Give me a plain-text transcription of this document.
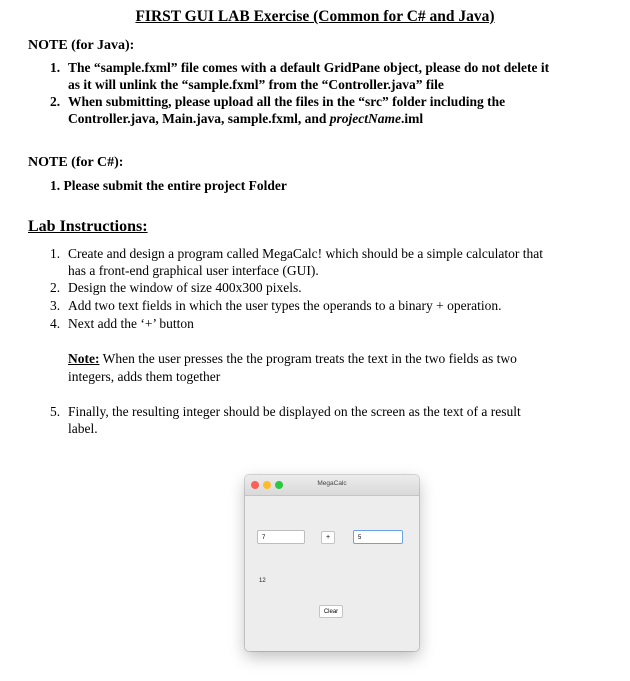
FIRST GUI LAB Exercise (Common for C# and Java)
NOTE (for Java):
1. The “sample.fxml” file comes with a default GridPane object, please do not delete it
as it will unlink the “sample.fxml” from the “Controller.java” file
2. When submitting, please upload all the files in the “src” folder including the
Controller.java, Main.java, sample.fxml, and projectName.iml
NOTE (for C#):
1. Please submit the entire project Folder
Lab Instructions:
1. Create and design a program called MegaCalc! which should be a simple calculator that
has a front-end graphical user interface (GUI).
2. Design the window of size 400x300 pixels.
3. Add two text fields in which the user types the operands to a binary + operation.
4. Next add the ‘+’ button
Note: When the user presses the the program treats the text in the two fields as two
integers, adds them together
5. Finally, the resulting integer should be displayed on the screen as the text of a result
label.
MegaCalc
7	+	5
12
Clear
